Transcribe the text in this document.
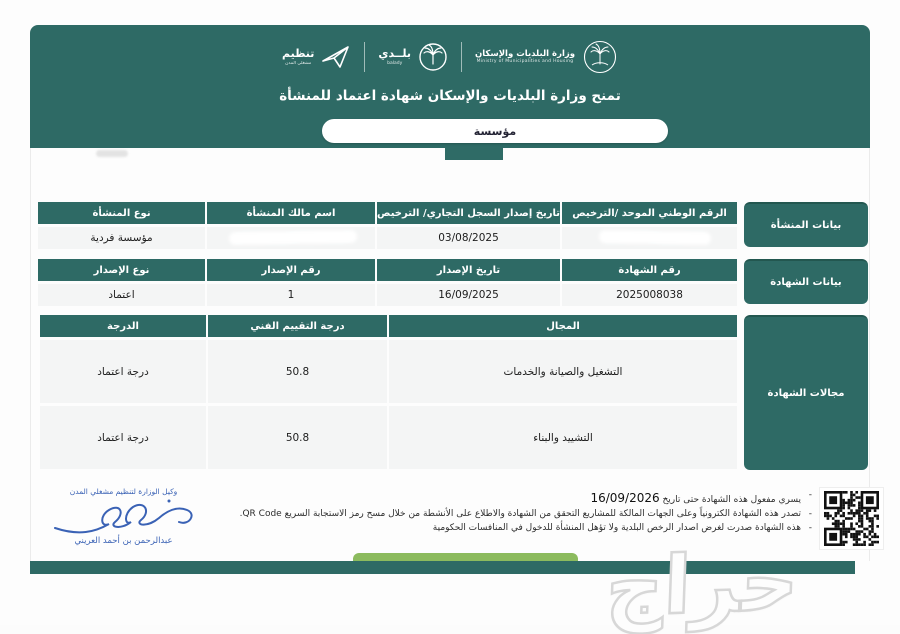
وزارة البلديات والإسكان
Ministry of Municipalities and Housing
بلــدي
balady
تنظيم
مشغلي المدن
تمنح وزارة البلديات والإسكان شهادة اعتماد للمنشأة
مؤسسة
الرقم الوطني الموحد /الترخيص
تاريخ إصدار السجل التجاري/ الترخيص
اسم مالك المنشأة
نوع المنشأة
03/08/2025
مؤسسة فردية
بيانات المنشأة
رقم الشهادة
تاريخ الإصدار
رقم الإصدار
نوع الإصدار
2025008038
16/09/2025
1
اعتماد
بيانات الشهادة
المجال
درجة التقييم الفني
الدرجة
التشغيل والصيانة والخدمات
50.8
درجة اعتماد
التشييد والبناء
50.8
درجة اعتماد
مجالات الشهادة
- يسري مفعول هذه الشهادة حتى تاريخ 16/09/2026
- تصدر هذه الشهادة الكترونياً وعلى الجهات المالكة للمشاريع التحقق من الشهادة والاطلاع على الأنشطة من خلال مسح رمز الاستجابة السريع QR Code.
- هذه الشهادة صدرت لغرض اصدار الرخص البلدية ولا تؤهل المنشأة للدخول في المنافسات الحكومية
وكيل الوزارة لتنظيم مشغلي المدن
عبدالرحمن بن أحمد العريني	حراج
